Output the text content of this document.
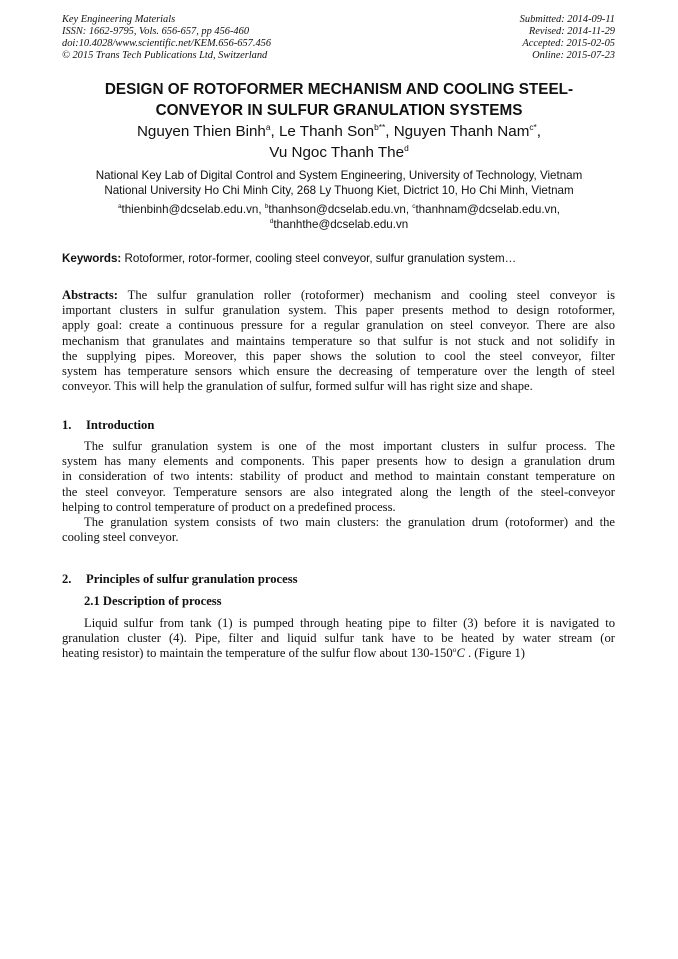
Key Engineering Materials
ISSN: 1662-9795, Vols. 656-657, pp 456-460
doi:10.4028/www.scientific.net/KEM.656-657.456
© 2015 Trans Tech Publications Ltd, Switzerland
Submitted: 2014-09-11
Revised: 2014-11-29
Accepted: 2015-02-05
Online: 2015-07-23
DESIGN OF ROTOFORMER MECHANISM AND COOLING STEEL-
CONVEYOR IN SULFUR GRANULATION SYSTEMS
Nguyen Thien Binh$^a$, Le Thanh Son$^{b**}$, Nguyen Thanh Nam$^{c*}$,
Vu Ngoc Thanh The$^d$
National Key Lab of Digital Control and System Engineering, University of Technology, Vietnam
National University Ho Chi Minh City, 268 Ly Thuong Kiet, Dictrict 10, Ho Chi Minh, Vietnam
$^a$thienbinh@dcselab.edu.vn, $^b$thanhson@dcselab.edu.vn, $^c$thanhnam@dcselab.edu.vn,
$^d$thanhthe@dcselab.edu.vn
Keywords: Rotoformer, rotor-former, cooling steel conveyor, sulfur granulation system…
Abstracts: The sulfur granulation roller (rotoformer) mechanism and cooling steel conveyor is
important clusters in sulfur granulation system. This paper presents method to design rotoformer,
apply goal: create a continuous pressure for a regular granulation on steel conveyor. There are also
mechanism that granulates and maintains temperature so that sulfur is not stuck and not solidify in
the supplying pipes. Moreover, this paper shows the solution to cool the steel conveyor, filter
system has temperature sensors which ensure the decreasing of temperature over the length of steel
conveyor. This will help the granulation of sulfur, formed sulfur will has right size and shape.
1. Introduction
The sulfur granulation system is one of the most important clusters in sulfur process. The
system has many elements and components. This paper presents how to design a granulation drum
in consideration of two intents: stability of product and method to maintain constant temperature on
the steel conveyor. Temperature sensors are also integrated along the length of the steel-conveyor
helping to control temperature of product on a predefined process.
The granulation system consists of two main clusters: the granulation drum (rotoformer) and the
cooling steel conveyor.
2. Principles of sulfur granulation process
2.1 Description of process
Liquid sulfur from tank (1) is pumped through heating pipe to filter (3) before it is navigated to
granulation cluster (4). Pipe, filter and liquid sulfur tank have to be heated by water stream (or
heating resistor) to maintain the temperature of the sulfur flow about 130-150$^o$C . (Figure 1)
